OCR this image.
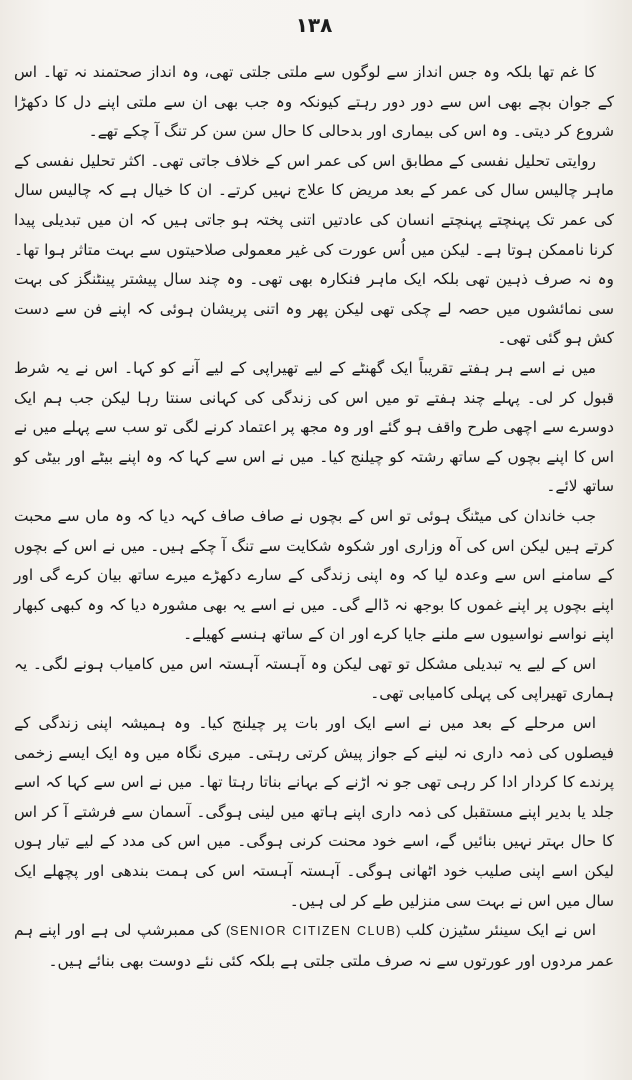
١٣٨

کا غم تھا بلکہ وہ جس انداز سے لوگوں سے ملتی جلتی تھی، وہ انداز صحتمند نہ تھا۔ اس کے جوان بچے بھی اس سے دور دور رہتے کیونکہ وہ جب بھی ان سے ملتی اپنے دل کا دکھڑا شروع کر دیتی۔ وہ اس کی بیماری اور بدحالی کا حال سن سن کر تنگ آ چکے تھے۔

روایتی تحلیل نفسی کے مطابق اس کی عمر اس کے خلاف جاتی تھی۔ اکثر تحلیل نفسی کے ماہر چالیس سال کی عمر کے بعد مریض کا علاج نہیں کرتے۔ ان کا خیال ہے کہ چالیس سال کی عمر تک پہنچتے پہنچتے انسان کی عادتیں اتنی پختہ ہو جاتی ہیں کہ ان میں تبدیلی پیدا کرنا ناممکن ہوتا ہے۔ لیکن میں اُس عورت کی غیر معمولی صلاحیتوں سے بہت متاثر ہوا تھا۔ وہ نہ صرف ذہین تھی بلکہ ایک ماہر فنکارہ بھی تھی۔ وہ چند سال پیشتر پینٹنگز کی بہت سی نمائشوں میں حصہ لے چکی تھی لیکن پھر وہ اتنی پریشان ہوئی کہ اپنے فن سے دست کش ہو گئی تھی۔

میں نے اسے ہر ہفتے تقریباً ایک گھنٹے کے لیے تھیراپی کے لیے آنے کو کہا۔ اس نے یہ شرط قبول کر لی۔ پہلے چند ہفتے تو میں اس کی زندگی کی کہانی سنتا رہا لیکن جب ہم ایک دوسرے سے اچھی طرح واقف ہو گئے اور وہ مجھ پر اعتماد کرنے لگی تو سب سے پہلے میں نے اس کا اپنے بچوں کے ساتھ رشتہ کو چیلنج کیا۔ میں نے اس سے کہا کہ وہ اپنے بیٹے اور بیٹی کو ساتھ لائے۔

جب خاندان کی میٹنگ ہوئی تو اس کے بچوں نے صاف صاف کہہ دیا کہ وہ ماں سے محبت کرتے ہیں لیکن اس کی آہ وزاری اور شکوہ شکایت سے تنگ آ چکے ہیں۔ میں نے اس کے بچوں کے سامنے اس سے وعدہ لیا کہ وہ اپنی زندگی کے سارے دکھڑے میرے ساتھ بیان کرے گی اور اپنے بچوں پر اپنے غموں کا بوجھ نہ ڈالے گی۔ میں نے اسے یہ بھی مشورہ دیا کہ وہ کبھی کبھار اپنے نواسے نواسیوں سے ملنے جایا کرے اور ان کے ساتھ ہنسے کھیلے۔

اس کے لیے یہ تبدیلی مشکل تو تھی لیکن وہ آہستہ آہستہ اس میں کامیاب ہونے لگی۔ یہ ہماری تھیراپی کی پہلی کامیابی تھی۔

اس مرحلے کے بعد میں نے اسے ایک اور بات پر چیلنج کیا۔ وہ ہمیشہ اپنی زندگی کے فیصلوں کی ذمہ داری نہ لینے کے جواز پیش کرتی رہتی۔ میری نگاہ میں وہ ایک ایسے زخمی پرندے کا کردار ادا کر رہی تھی جو نہ اڑنے کے بہانے بناتا رہتا تھا۔ میں نے اس سے کہا کہ اسے جلد یا بدیر اپنے مستقبل کی ذمہ داری اپنے ہاتھ میں لینی ہوگی۔ آسمان سے فرشتے آ کر اس کا حال بہتر نہیں بنائیں گے، اسے خود محنت کرنی ہوگی۔ میں اس کی مدد کے لیے تیار ہوں لیکن اسے اپنی صلیب خود اٹھانی ہوگی۔ آہستہ آہستہ اس کی ہمت بندھی اور پچھلے ایک سال میں اس نے بہت سی منزلیں طے کر لی ہیں۔

اس نے ایک سینئر سٹیزن کلب (SENIOR CITIZEN CLUB) کی ممبرشپ لی ہے اور اپنے ہم عمر مردوں اور عورتوں سے نہ صرف ملتی جلتی ہے بلکہ کئی نئے دوست بھی بنائے ہیں۔
